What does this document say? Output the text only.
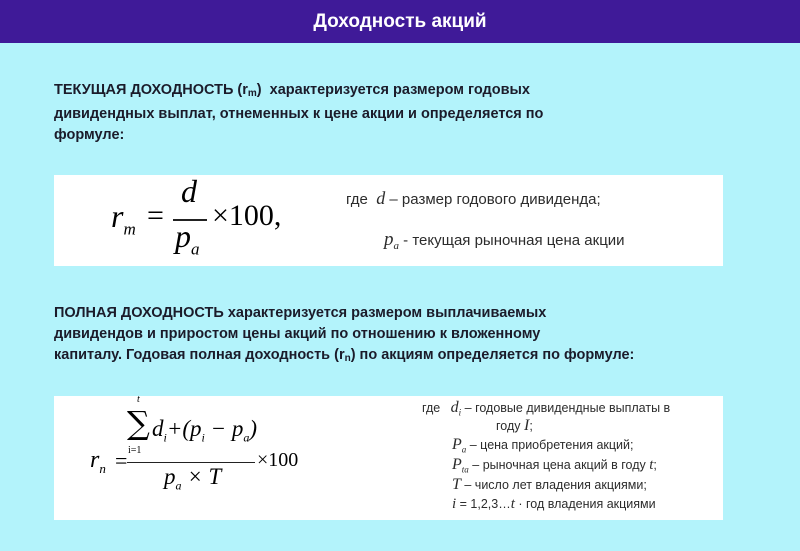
Доходность акций
ТЕКУЩАЯ ДОХОДНОСТЬ $(r_m)$  характеризуется размером годовых
дивидендных выплат, отнеменных к цене акции и определяется по
формуле:
$r_m$ =
d
$p_a$
×100,	где d – размер годового дивиденда;
$p_a$ - текущая рыночная цена акции
ПОЛНАЯ ДОХОДНОСТЬ характеризуется размером выплачиваемых
дивидендов и приростом цены акций по отношению к вложенному
капиталу. Годовая полная доходность $(r_n)$ по акциям определяется по формуле:
$r_n$ =
t
∑
i=1
$d_i+(p_i - p_a)$
$p_a \times T$
×100
где $d_i$ – годовые дивидендные выплаты в
году I;
$P_a$ – цена приобретения акций;
$P_{ta}$ – рыночная цена акций в году t;
T – число лет владения акциями;
i = 1,2,3…t · год владения акциями
